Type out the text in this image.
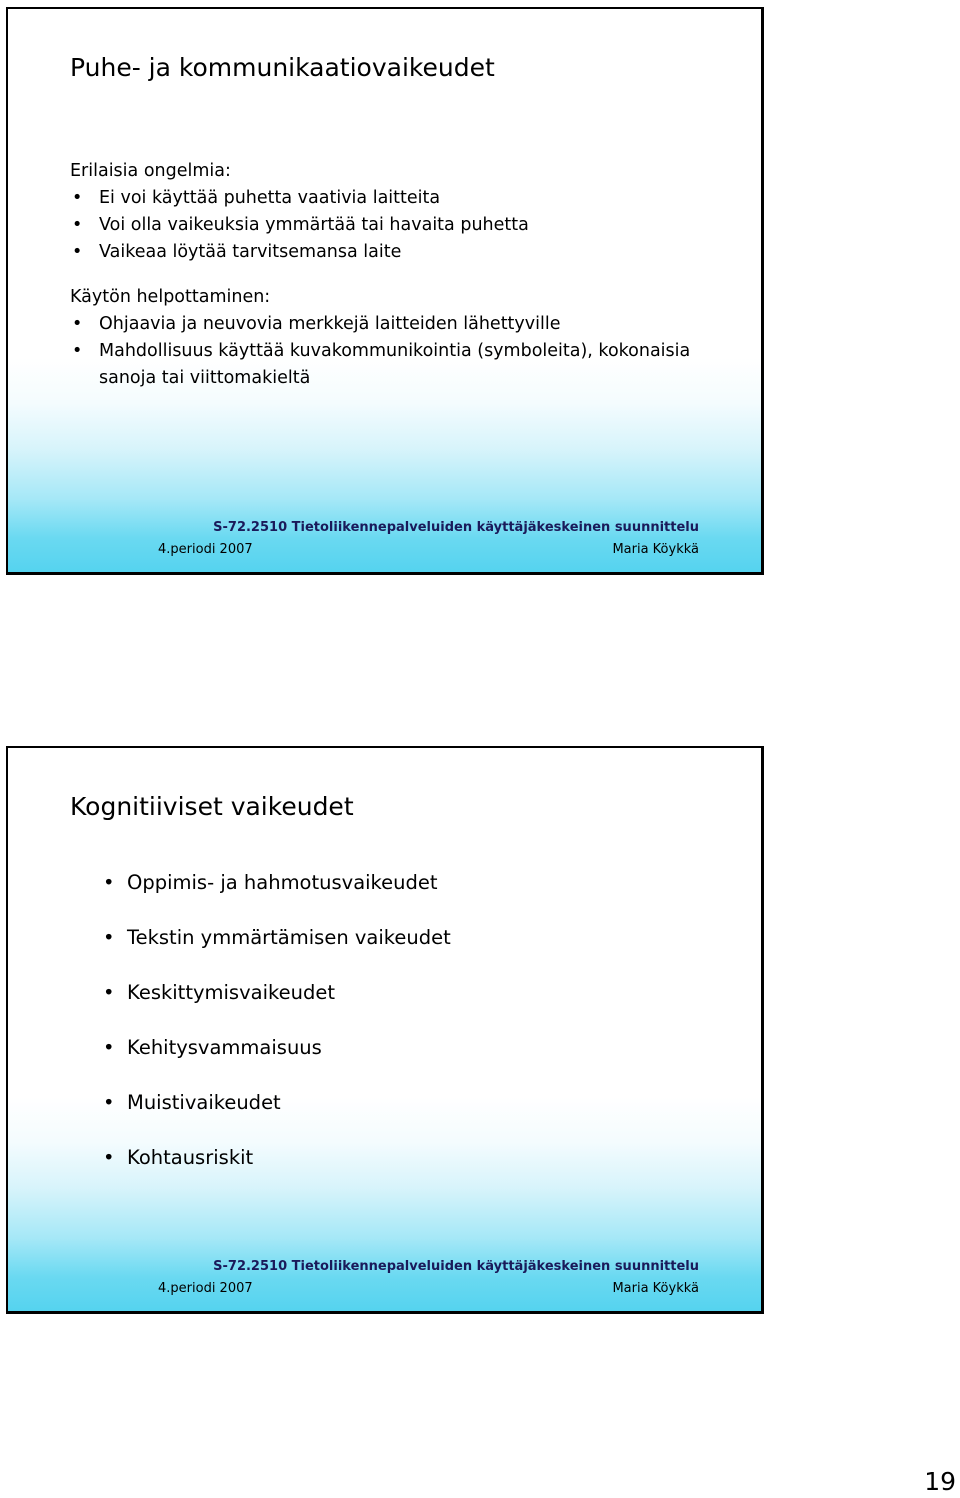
Puhe- ja kommunikaatiovaikeudet
Erilaisia ongelmia:
• Ei voi käyttää puhetta vaativia laitteita
• Voi olla vaikeuksia ymmärtää tai havaita puhetta
• Vaikeaa löytää tarvitsemansa laite
Käytön helpottaminen:
• Ohjaavia ja neuvovia merkkejä laitteiden lähettyville
• Mahdollisuus käyttää kuvakommunikointia (symboleita), kokonaisia sanoja tai viittomakieltä
S-72.2510 Tietoliikennepalveluiden käyttäjäkeskeinen suunnittelu
4.periodi 2007	Maria Köykkä
Kognitiiviset vaikeudet
• Oppimis- ja hahmotusvaikeudet
• Tekstin ymmärtämisen vaikeudet
• Keskittymisvaikeudet
• Kehitysvammaisuus
• Muistivaikeudet
• Kohtausriskit
S-72.2510 Tietoliikennepalveluiden käyttäjäkeskeinen suunnittelu
4.periodi 2007	Maria Köykkä
19
